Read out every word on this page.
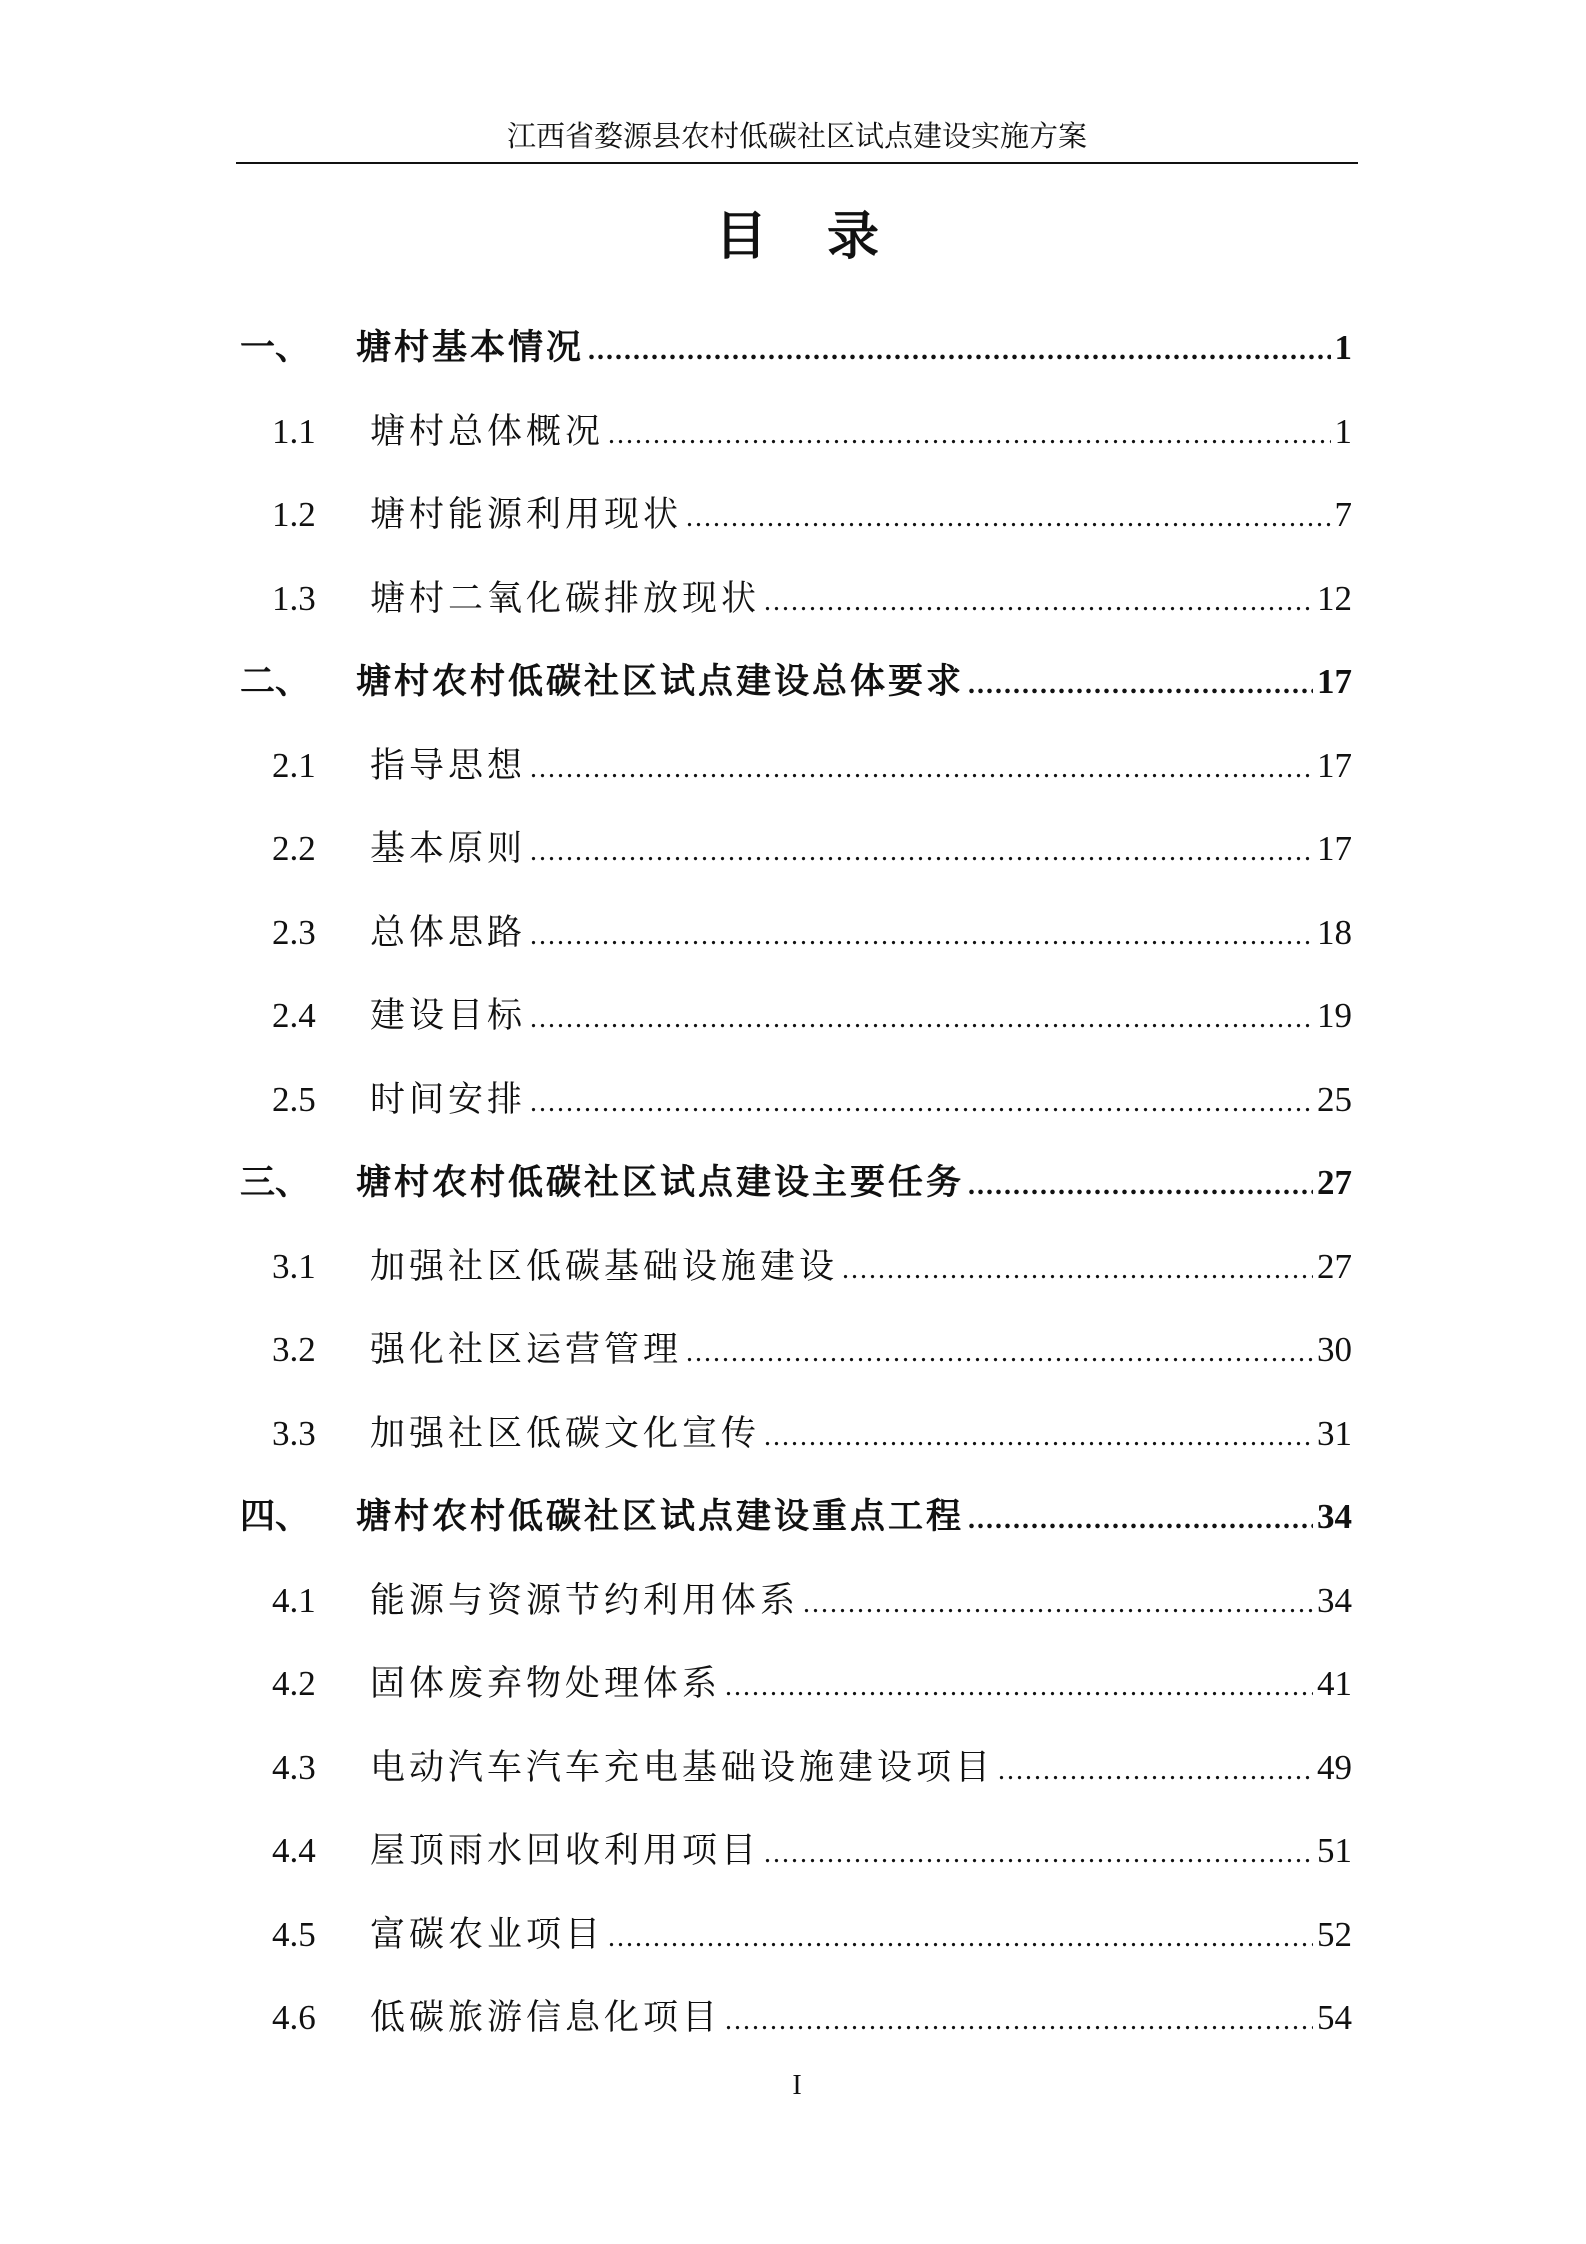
江西省婺源县农村低碳社区试点建设实施方案
目录
一、	塘村基本情况 .....	1
1.1	塘村总体概况 .....	1
1.2	塘村能源利用现状 .....	7
1.3	塘村二氧化碳排放现状 .....	12
二、	塘村农村低碳社区试点建设总体要求 .....	17
2.1	指导思想 .....	17
2.2	基本原则 .....	17
2.3	总体思路 .....	18
2.4	建设目标 .....	19
2.5	时间安排 .....	25
三、	塘村农村低碳社区试点建设主要任务 .....	27
3.1	加强社区低碳基础设施建设 .....	27
3.2	强化社区运营管理 .....	30
3.3	加强社区低碳文化宣传 .....	31
四、	塘村农村低碳社区试点建设重点工程 .....	34
4.1	能源与资源节约利用体系 .....	34
4.2	固体废弃物处理体系 .....	41
4.3	电动汽车汽车充电基础设施建设项目 .....	49
4.4	屋顶雨水回收利用项目 .....	51
4.5	富碳农业项目 .....	52
4.6	低碳旅游信息化项目 .....	54
I
